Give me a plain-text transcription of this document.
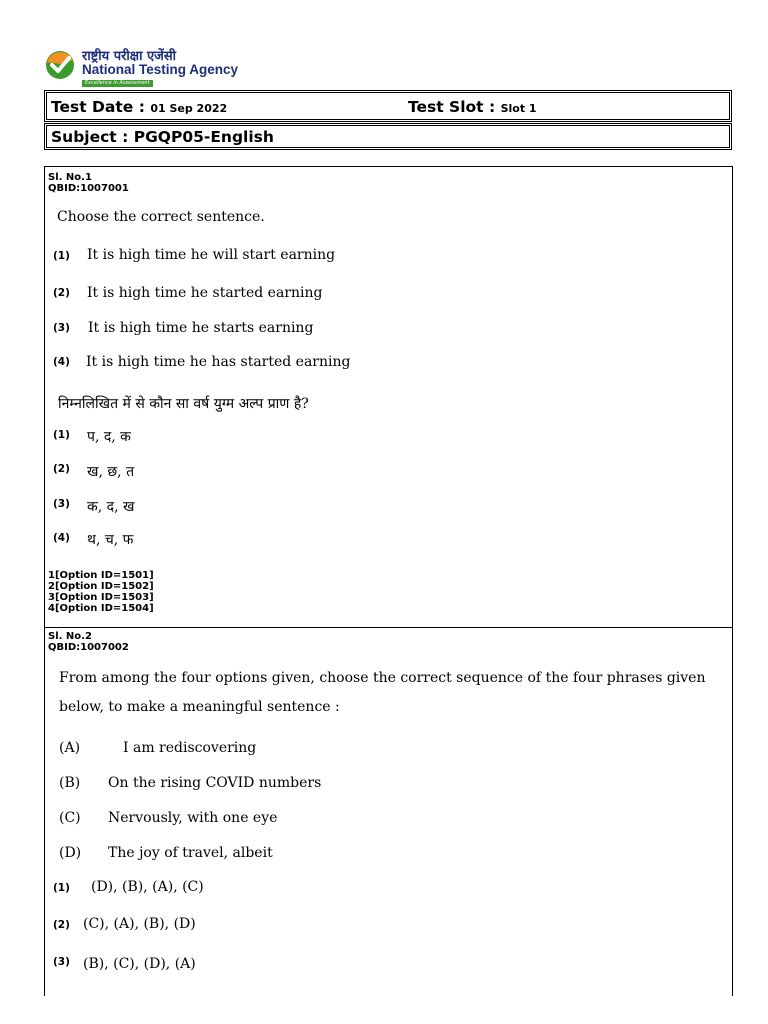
राष्ट्रीय परीक्षा एजेंसी
National Testing Agency
Excellence in Assessment
Test Date : 01 Sep 2022	Test Slot : Slot 1
Subject : PGQP05-English
Sl. No.1
QBID:1007001
Choose the correct sentence.
(1) It is high time he will start earning
(2) It is high time he started earning
(3) It is high time he starts earning
(4) It is high time he has started earning
निम्नलिखित में से कौन सा वर्ष युग्म अल्प प्राण है?
(1) प, द, क
(2) ख, छ, त
(3) क, द, ख
(4) थ, च, फ
1[Option ID=1501]
2[Option ID=1502]
3[Option ID=1503]
4[Option ID=1504]
Sl. No.2
QBID:1007002
From among the four options given, choose the correct sequence of the four phrases given
below, to make a meaningful sentence :
(A)	I am rediscovering
(B) On the rising COVID numbers
(C) Nervously, with one eye
(D) The joy of travel, albeit
(1) (D), (B), (A), (C)
(2) (C), (A), (B), (D)
(3) (B), (C), (D), (A)
